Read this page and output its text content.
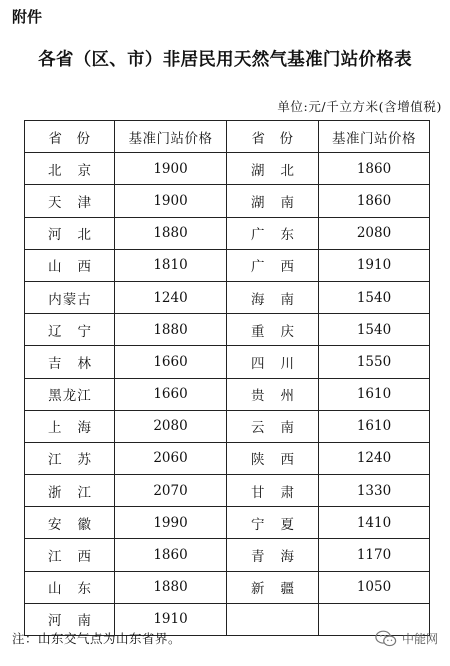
附件
各省（区、市）非居民用天然气基准门站价格表
单位:元/千立方米(含增值税)
省　份	基准门站价格	省　份	基准门站价格
北京	1900	湖北	1860
天津	1900	湖南	1860
河北	1880	广东	2080
山西	1810	广西	1910
内蒙古	1240	海南	1540
辽宁	1880	重庆	1540
吉林	1660	四川	1550
黑龙江	1660	贵州	1610
上海	2080	云南	1610
江苏	2060	陕西	1240
浙江	2070	甘肃	1330
安徽	1990	宁夏	1410
江西	1860	青海	1170
山东	1880	新疆	1050
河南	1910		
注：山东交气点为山东省界。	中能网
